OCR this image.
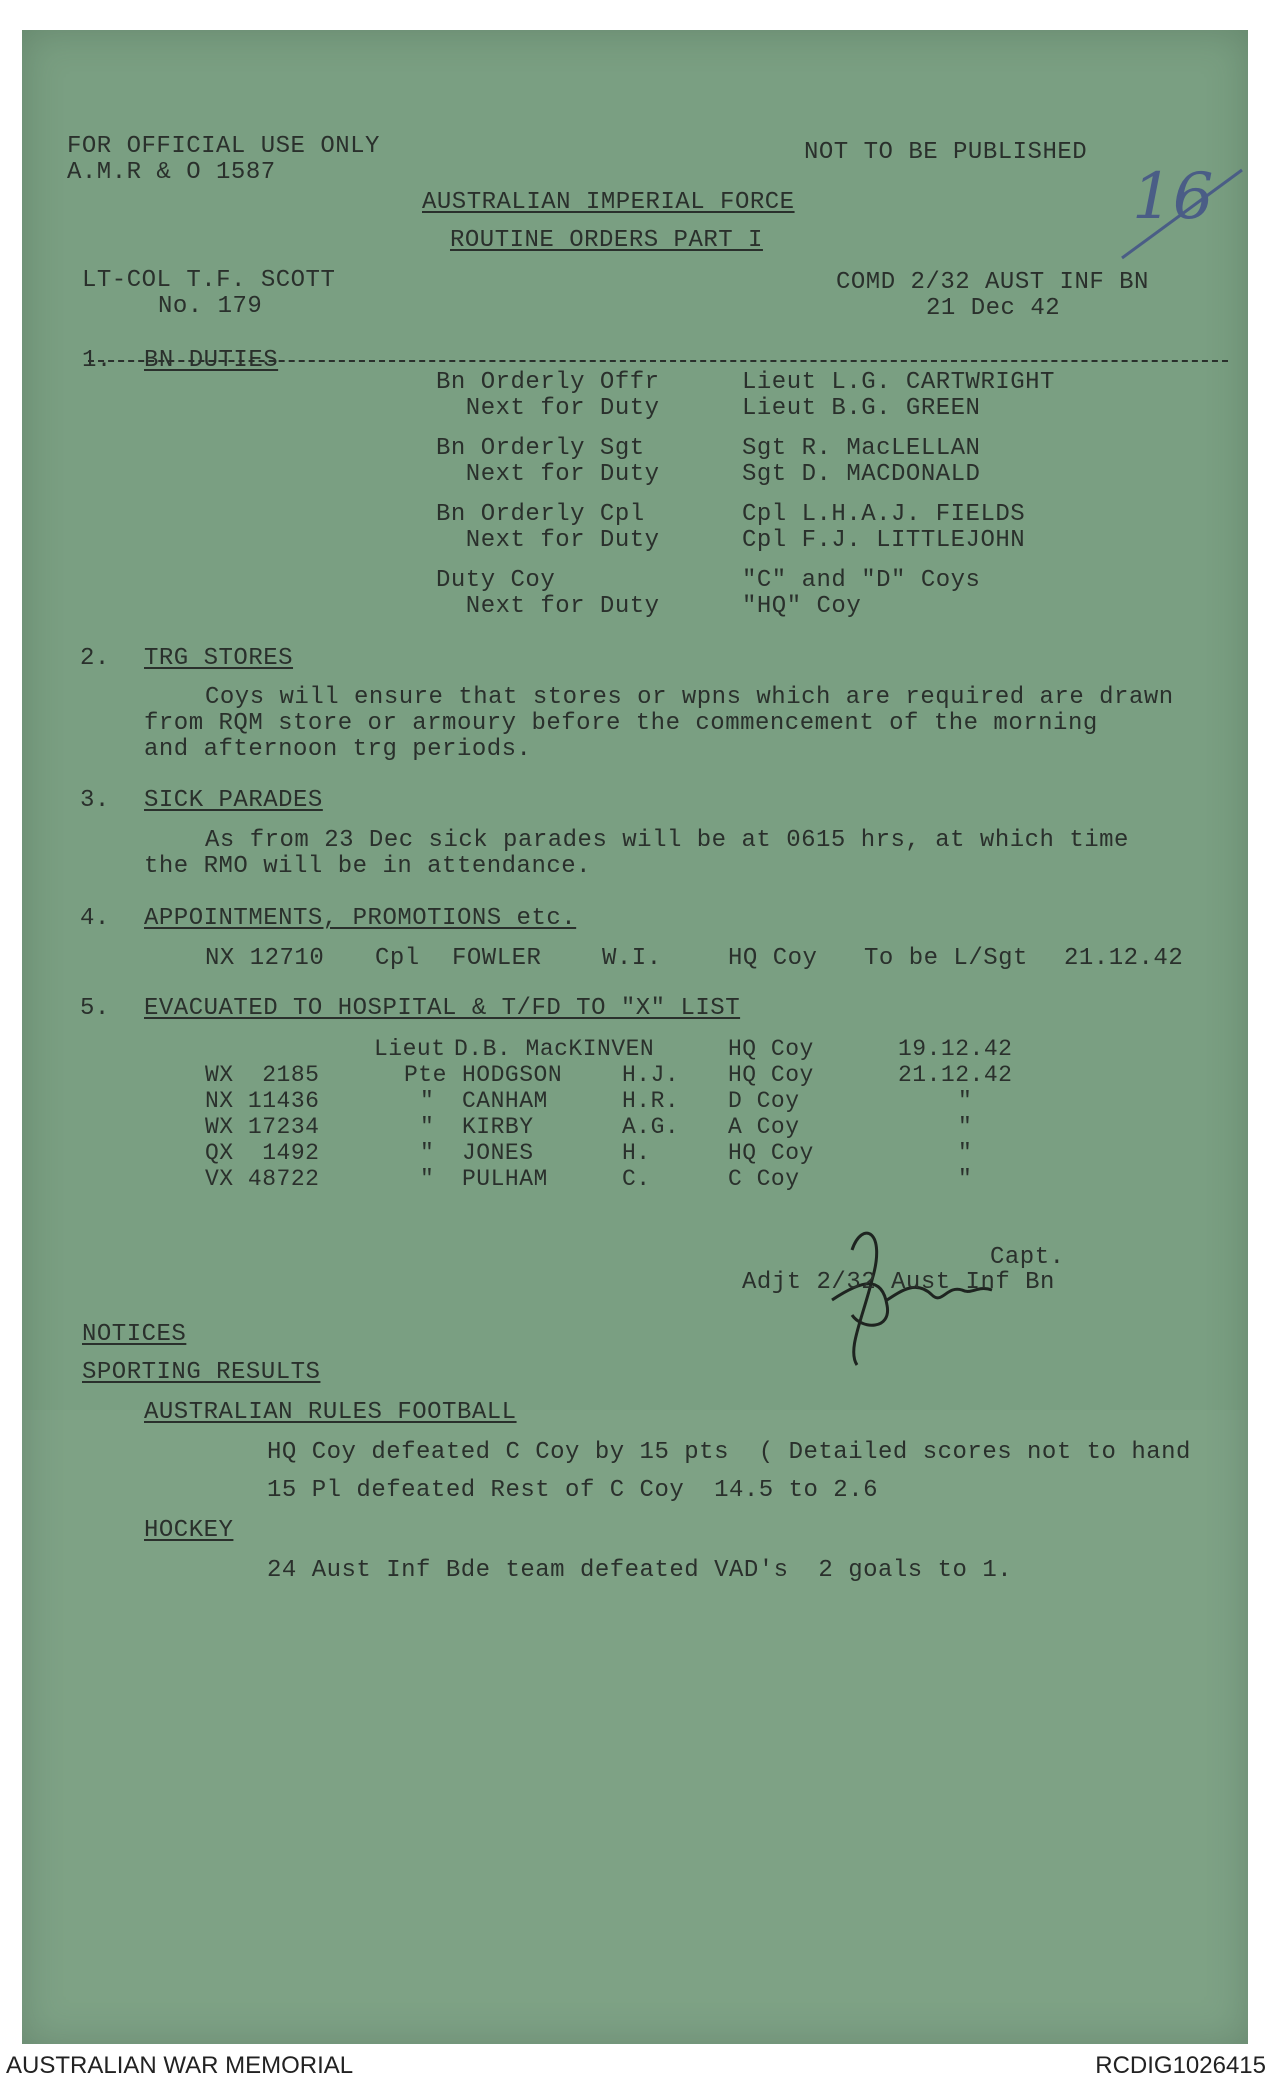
FOR OFFICIAL USE ONLY
A.M.R & O 1587
NOT TO BE PUBLISHED
16
AUSTRALIAN IMPERIAL FORCE
ROUTINE ORDERS PART I
LT-COL T.F. SCOTT
No. 179
COMD 2/32 AUST INF BN
21 Dec 42
1. BN DUTIES
Bn Orderly Offr	Lieut L.G. CARTWRIGHT
Next for Duty	Lieut B.G. GREEN
Bn Orderly Sgt	Sgt R. MacLELLAN
Next for Duty	Sgt D. MACDONALD
Bn Orderly Cpl	Cpl L.H.A.J. FIELDS
Next for Duty	Cpl F.J. LITTLEJOHN
Duty Coy	"C" and "D" Coys
Next for Duty	"HQ" Coy
2. TRG STORES
Coys will ensure that stores or wpns which are required are drawn
from RQM store or armoury before the commencement of the morning
and afternoon trg periods.
3. SICK PARADES
As from 23 Dec sick parades will be at 0615 hrs, at which time
the RMO will be in attendance.
4. APPOINTMENTS, PROMOTIONS etc.
NX 12710 Cpl FOWLER	W.I.	HQ Coy To be L/Sgt 21.12.42
5. EVACUATED TO HOSPITAL & T/FD TO "X" LIST
Lieut D.B. MacKINVEN	HQ Coy	19.12.42
WX  2185	Pte HODGSON	H.J. HQ Coy	21.12.42
NX 11436	" CANHAM	H.R. D Coy	"
WX 17234	" KIRBY	A.G. A Coy	"
QX  1492	" JONES	H.	HQ Coy	"
VX 48722	" PULHAM	C.	C Coy	"
Capt.
Adjt 2/32 Aust Inf Bn
NOTICES
SPORTING RESULTS
AUSTRALIAN RULES FOOTBALL
HQ Coy defeated C Coy by 15 pts  ( Detailed scores not to hand
15 Pl defeated Rest of C Coy  14.5 to 2.6
HOCKEY
24 Aust Inf Bde team defeated VAD's  2 goals to 1.
AUSTRALIAN WAR MEMORIAL	RCDIG1026415
